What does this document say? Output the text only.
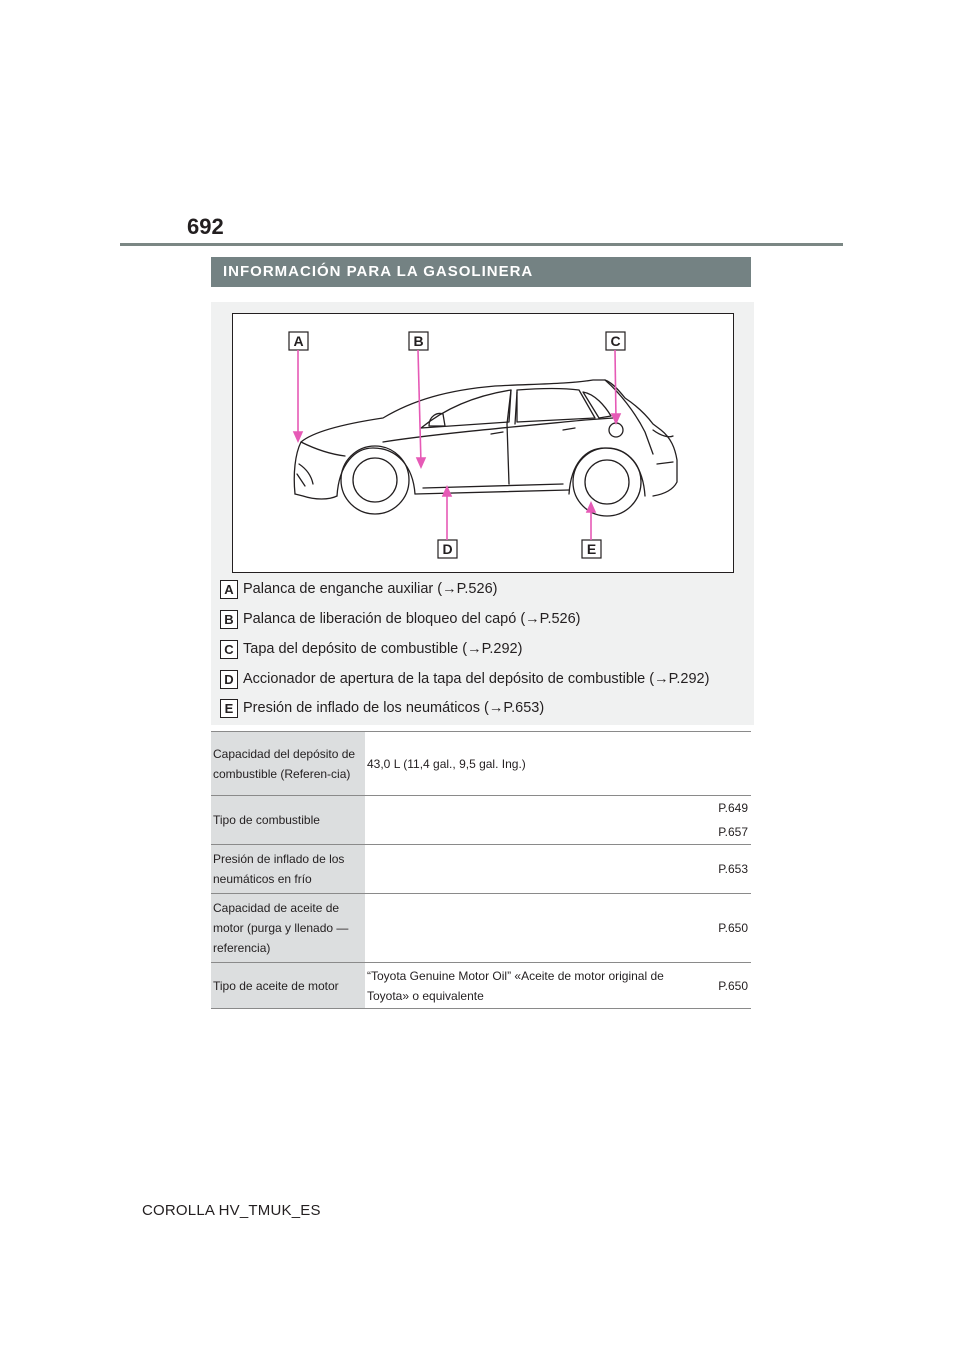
692
INFORMACIÓN PARA LA GASOLINERA
A	B	C
D	E
A Palanca de enganche auxiliar (→P.526)
B Palanca de liberación de bloqueo del capó (→P.526)
C Tapa del depósito de combustible (→P.292)
D Accionador de apertura de la tapa del depósito de combustible (→P.292)
E Presión de inflado de los neumáticos (→P.653)
Capacidad del depósito de combustible (Referen-cia)	43,0 L (11,4 gal., 9,5 gal. Ing.)	
Tipo de combustible		P.649
P.657

Presión de inflado de los neumáticos en frío		P.653

Capacidad de aceite de motor (purga y llenado — referencia)		P.650

Tipo de aceite de motor	“Toyota Genuine Motor Oil” «Aceite de motor original de Toyota» o equivalente	P.650
COROLLA HV_TMUK_ES
